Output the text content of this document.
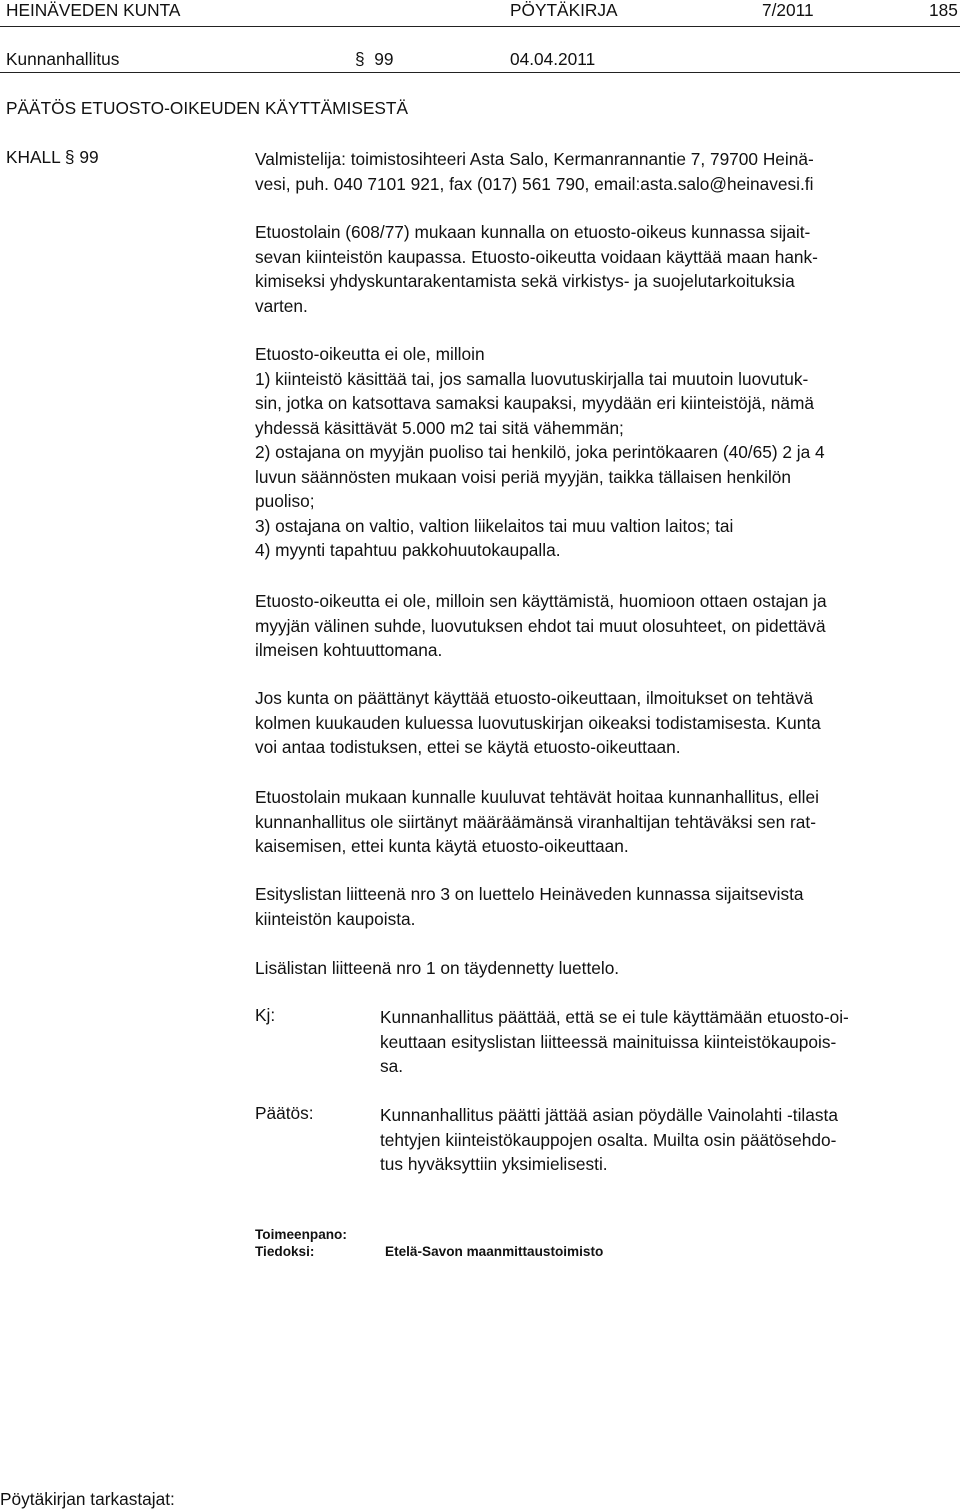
HEINÄVEDEN KUNTA	PÖYTÄKIRJA	7/2011	185
Kunnanhallitus	§  99	04.04.2011
PÄÄTÖS ETUOSTO-OIKEUDEN KÄYTTÄMISESTÄ
KHALL § 99	Valmistelija: toimistosihteeri Asta Salo, Kermanrannantie 7, 79700 Heinä-

vesi, puh. 040 7101 921, fax (017) 561 790, email:asta.salo@heinavesi.fi

Etuostolain (608/77) mukaan kunnalla on etuosto-oikeus kunnassa sijait-

sevan kiinteistön kaupassa. Etuosto-oikeutta voidaan käyttää maan hank-

kimiseksi yhdyskuntarakentamista sekä virkistys- ja suojelutarkoituksia

varten.

Etuosto-oikeutta ei ole, milloin

1) kiinteistö käsittää tai, jos samalla luovutuskirjalla tai muutoin luovutuk-

sin, jotka on katsottava samaksi kaupaksi, myydään eri kiinteistöjä, nämä

yhdessä käsittävät 5.000 m2 tai sitä vähemmän;

2) ostajana on myyjän puoliso tai henkilö, joka perintökaaren (40/65) 2 ja 4

luvun säännösten mukaan voisi periä myyjän, taikka tällaisen henkilön

puoliso;

3) ostajana on valtio, valtion liikelaitos tai muu valtion laitos; tai

4) myynti tapahtuu pakkohuutokaupalla.

Etuosto-oikeutta ei ole, milloin sen käyttämistä, huomioon ottaen ostajan ja

myyjän välinen suhde, luovutuksen ehdot tai muut olosuhteet, on pidettävä

ilmeisen kohtuuttomana.

Jos kunta on päättänyt käyttää etuosto-oikeuttaan, ilmoitukset on tehtävä

kolmen kuukauden kuluessa luovutuskirjan oikeaksi todistamisesta. Kunta

voi antaa todistuksen, ettei se käytä etuosto-oikeuttaan.

Etuostolain mukaan kunnalle kuuluvat tehtävät hoitaa kunnanhallitus, ellei

kunnanhallitus ole siirtänyt määräämänsä viranhaltijan tehtäväksi sen rat-

kaisemisen, ettei kunta käytä etuosto-oikeuttaan.

Esityslistan liitteenä nro 3 on luettelo Heinäveden kunnassa sijaitsevista

kiinteistön kaupoista.

Lisälistan liitteenä nro 1 on täydennetty luettelo.

Kj:	Kunnanhallitus päättää, että se ei tule käyttämään etuosto-oi-

keuttaan esityslistan liitteessä mainituissa kiinteistökaupois-

sa.

Päätös:	Kunnanhallitus päätti jättää asian pöydälle Vainolahti -tilasta

tehtyjen kiinteistökauppojen osalta. Muilta osin päätösehdo-

tus hyväksyttiin yksimielisesti.

Toimeenpano:
Tiedoksi:	Etelä-Savon maanmittaustoimisto
Pöytäkirjan tarkastajat:
